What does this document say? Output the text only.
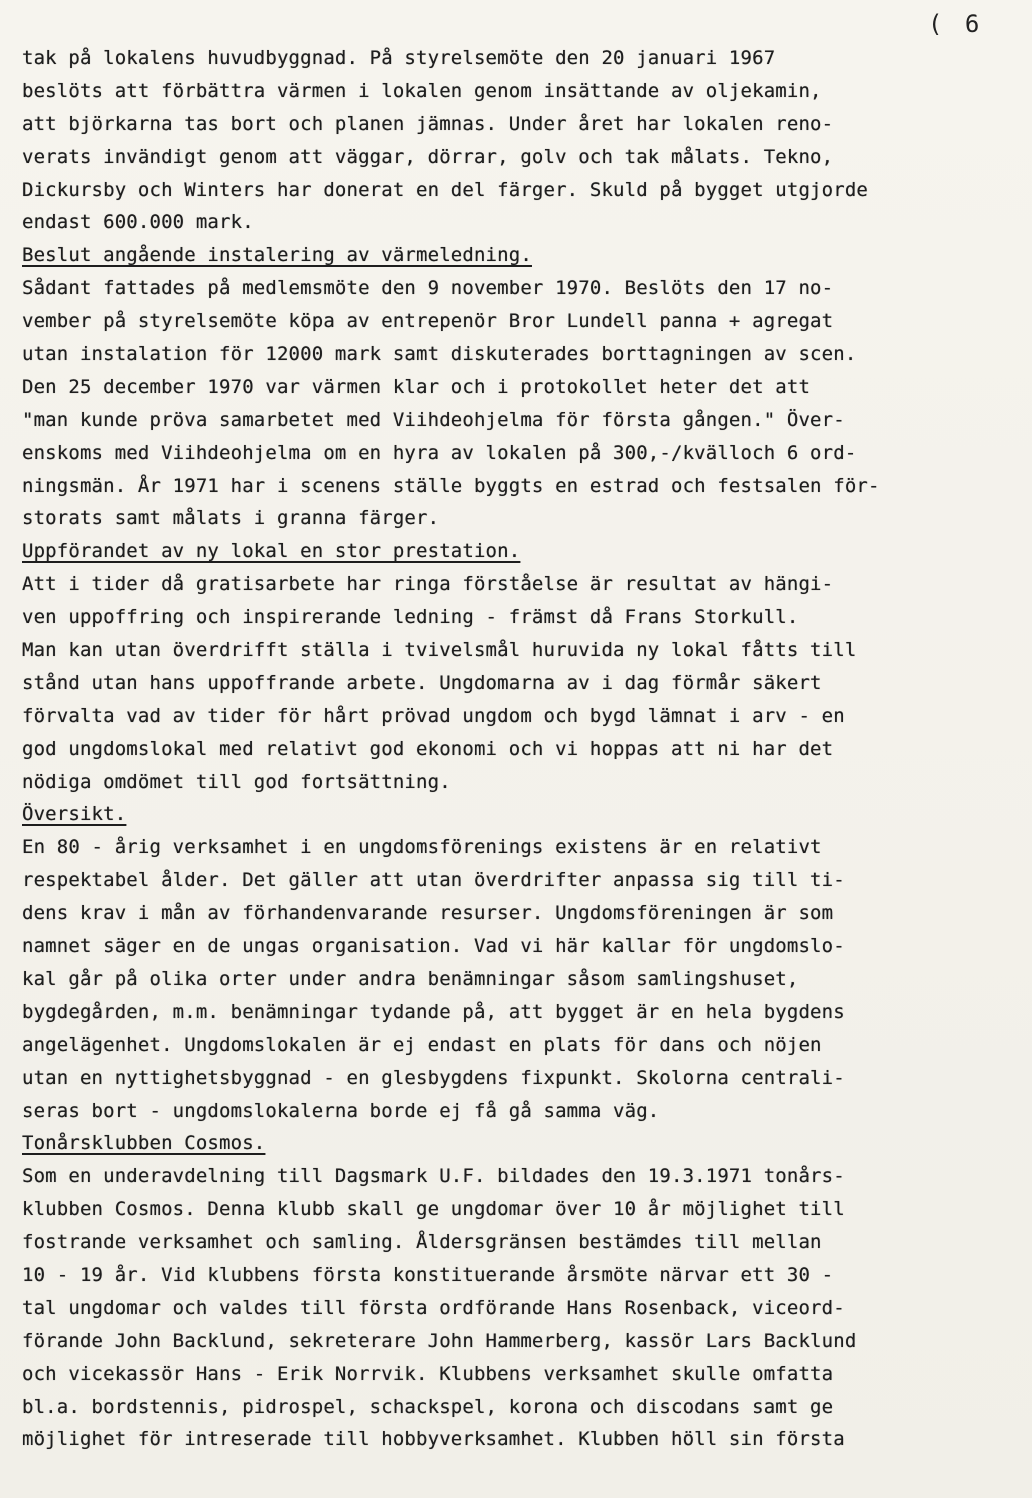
( 6
tak på lokalens huvudbyggnad. På styrelsemöte den 20 januari 1967
beslöts att förbättra värmen i lokalen genom insättande av oljekamin,
att björkarna tas bort och planen jämnas. Under året har lokalen reno-
verats invändigt genom att väggar, dörrar, golv och tak målats. Tekno,
Dickursby och Winters har donerat en del färger. Skuld på bygget utgjorde
endast 600.000 mark.
Beslut angående instalering av värmeledning.
Sådant fattades på medlemsmöte den 9 november 1970. Beslöts den 17 no-
vember på styrelsemöte köpa av entrepenör Bror Lundell panna + agregat
utan instalation för 12000 mark samt diskuterades borttagningen av scen.
Den 25 december 1970 var värmen klar och i protokollet heter det att
"man kunde pröva samarbetet med Viihdeohjelma för första gången." Över-
enskoms med Viihdeohjelma om en hyra av lokalen på 300,-/kvälloch 6 ord-
ningsmän. År 1971 har i scenens ställe byggts en estrad och festsalen för-
storats samt målats i granna färger.
Uppförandet av ny lokal en stor prestation.
Att i tider då gratisarbete har ringa förståelse är resultat av hängi-
ven uppoffring och inspirerande ledning - främst då Frans Storkull.
Man kan utan överdrifft ställa i tvivelsmål huruvida ny lokal fåtts till
stånd utan hans uppoffrande arbete. Ungdomarna av i dag förmår säkert
förvalta vad av tider för hårt prövad ungdom och bygd lämnat i arv - en
god ungdomslokal med relativt god ekonomi och vi hoppas att ni har det
nödiga omdömet till god fortsättning.
Översikt.
En 80 - årig verksamhet i en ungdomsförenings existens är en relativt
respektabel ålder. Det gäller att utan överdrifter anpassa sig till ti-
dens krav i mån av förhandenvarande resurser. Ungdomsföreningen är som
namnet säger en de ungas organisation. Vad vi här kallar för ungdomslo-
kal går på olika orter under andra benämningar såsom samlingshuset,
bygdegården, m.m. benämningar tydande på, att bygget är en hela bygdens
angelägenhet. Ungdomslokalen är ej endast en plats för dans och nöjen
utan en nyttighetsbyggnad - en glesbygdens fixpunkt. Skolorna centrali-
seras bort - ungdomslokalerna borde ej få gå samma väg.
Tonårsklubben Cosmos.
Som en underavdelning till Dagsmark U.F. bildades den 19.3.1971 tonårs-
klubben Cosmos. Denna klubb skall ge ungdomar över 10 år möjlighet till
fostrande verksamhet och samling. Åldersgränsen bestämdes till mellan
10 - 19 år. Vid klubbens första konstituerande årsmöte närvar ett 30 -
tal ungdomar och valdes till första ordförande Hans Rosenback, viceord-
förande John Backlund, sekreterare John Hammerberg, kassör Lars Backlund
och vicekassör Hans - Erik Norrvik. Klubbens verksamhet skulle omfatta
bl.a. bordstennis, pidrospel, schackspel, korona och discodans samt ge
möjlighet för intreserade till hobbyverksamhet. Klubben höll sin första
